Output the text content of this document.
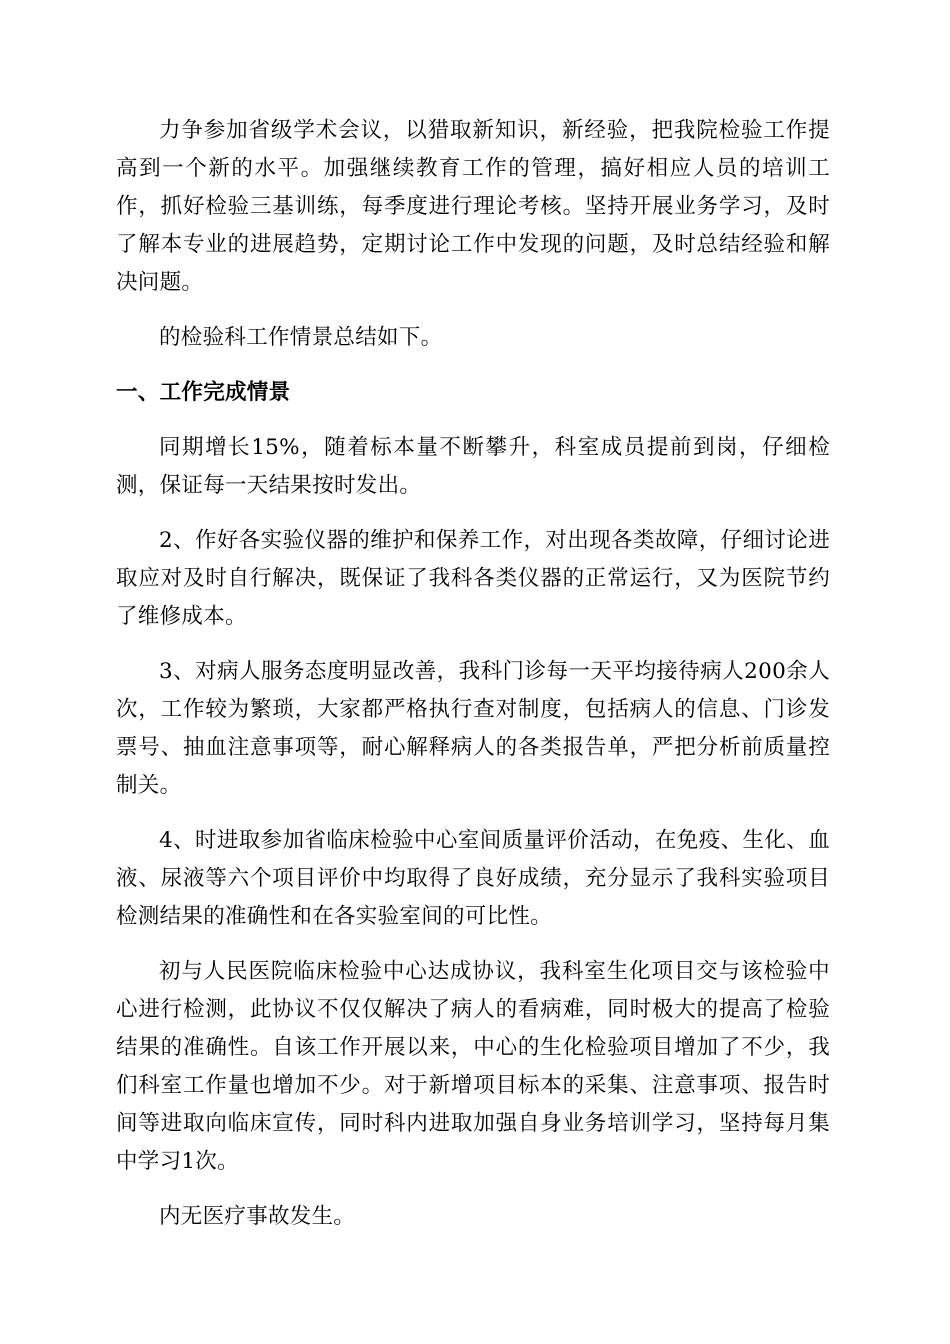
力争参加省级学术会议，以猎取新知识，新经验，把我院检验工作提高到一个新的水平。加强继续教育工作的管理，搞好相应人员的培训工作，抓好检验三基训练，每季度进行理论考核。坚持开展业务学习，及时了解本专业的进展趋势，定期讨论工作中发现的问题，及时总结经验和解决问题。

的检验科工作情景总结如下。

一、工作完成情景

同期增长15%，随着标本量不断攀升，科室成员提前到岗，仔细检测，保证每一天结果按时发出。

2、作好各实验仪器的维护和保养工作，对出现各类故障，仔细讨论进取应对及时自行解决，既保证了我科各类仪器的正常运行，又为医院节约了维修成本。

3、对病人服务态度明显改善，我科门诊每一天平均接待病人200余人次，工作较为繁琐，大家都严格执行查对制度，包括病人的信息、门诊发票号、抽血注意事项等，耐心解释病人的各类报告单，严把分析前质量控制关。

4、时进取参加省临床检验中心室间质量评价活动，在免疫、生化、血液、尿液等六个项目评价中均取得了良好成绩，充分显示了我科实验项目检测结果的准确性和在各实验室间的可比性。

初与人民医院临床检验中心达成协议，我科室生化项目交与该检验中心进行检测，此协议不仅仅解决了病人的看病难，同时极大的提高了检验结果的准确性。自该工作开展以来，中心的生化检验项目增加了不少，我们科室工作量也增加不少。对于新增项目标本的采集、注意事项、报告时间等进取向临床宣传，同时科内进取加强自身业务培训学习，坚持每月集中学习1次。

内无医疗事故发生。
